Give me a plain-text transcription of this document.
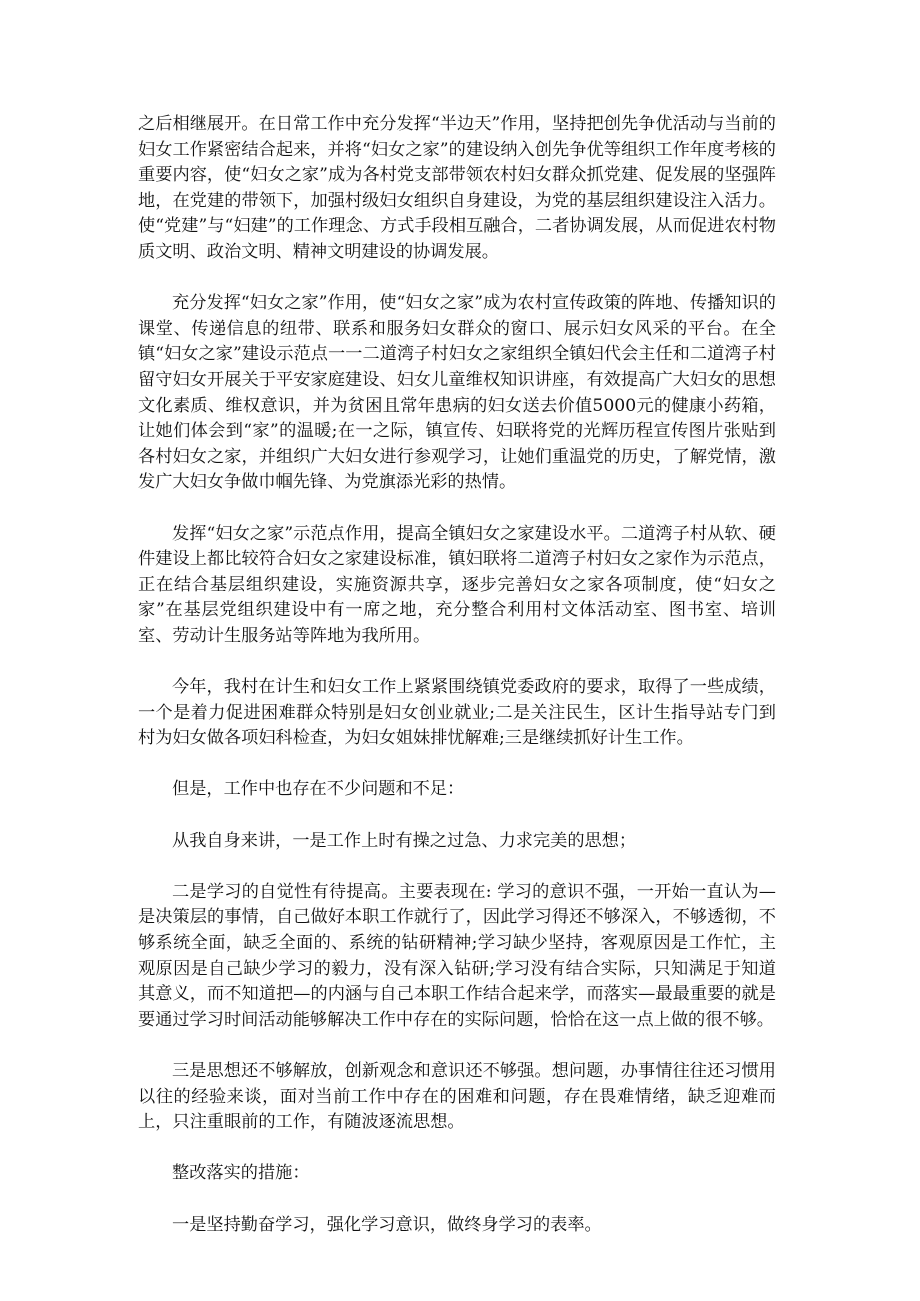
之后相继展开。在日常工作中充分发挥“半边天”作用，坚持把创先争优活动与当前的妇女工作紧密结合起来，并将“妇女之家”的建设纳入创先争优等组织工作年度考核的重要内容，使“妇女之家”成为各村党支部带领农村妇女群众抓党建、促发展的坚强阵地，在党建的带领下，加强村级妇女组织自身建设，为党的基层组织建设注入活力。使“党建”与“妇建”的工作理念、方式手段相互融合，二者协调发展，从而促进农村物质文明、政治文明、精神文明建设的协调发展。

充分发挥“妇女之家”作用，使“妇女之家”成为农村宣传政策的阵地、传播知识的课堂、传递信息的纽带、联系和服务妇女群众的窗口、展示妇女风采的平台。在全镇“妇女之家”建设示范点一一二道湾子村妇女之家组织全镇妇代会主任和二道湾子村留守妇女开展关于平安家庭建设、妇女儿童维权知识讲座，有效提高广大妇女的思想文化素质、维权意识，并为贫困且常年患病的妇女送去价值5000元的健康小药箱，让她们体会到“家”的温暖;在一之际，镇宣传、妇联将党的光辉历程宣传图片张贴到各村妇女之家，并组织广大妇女进行参观学习，让她们重温党的历史，了解党情，激发广大妇女争做巾帼先锋、为党旗添光彩的热情。

发挥“妇女之家”示范点作用，提高全镇妇女之家建设水平。二道湾子村从软、硬件建设上都比较符合妇女之家建设标准，镇妇联将二道湾子村妇女之家作为示范点，正在结合基层组织建设，实施资源共享，逐步完善妇女之家各项制度，使“妇女之家”在基层党组织建设中有一席之地，充分整合利用村文体活动室、图书室、培训室、劳动计生服务站等阵地为我所用。

今年，我村在计生和妇女工作上紧紧围绕镇党委政府的要求，取得了一些成绩，一个是着力促进困难群众特别是妇女创业就业;二是关注民生，区计生指导站专门到村为妇女做各项妇科检查，为妇女姐妹排忧解难;三是继续抓好计生工作。

但是，工作中也存在不少问题和不足：

从我自身来讲，一是工作上时有操之过急、力求完美的思想；

二是学习的自觉性有待提高。主要表现在: 学习的意识不强，一开始一直认为—是决策层的事情，自己做好本职工作就行了，因此学习得还不够深入，不够透彻，不够系统全面，缺乏全面的、系统的钻研精神;学习缺少坚持，客观原因是工作忙，主观原因是自己缺少学习的毅力，没有深入钻研;学习没有结合实际，只知满足于知道其意义，而不知道把—的内涵与自己本职工作结合起来学，而落实—最最重要的就是要通过学习时间活动能够解决工作中存在的实际问题，恰恰在这一点上做的很不够。

三是思想还不够解放，创新观念和意识还不够强。想问题，办事情往往还习惯用以往的经验来谈，面对当前工作中存在的困难和问题，存在畏难情绪，缺乏迎难而上，只注重眼前的工作，有随波逐流思想。

整改落实的措施：

一是坚持勤奋学习，强化学习意识，做终身学习的表率。
